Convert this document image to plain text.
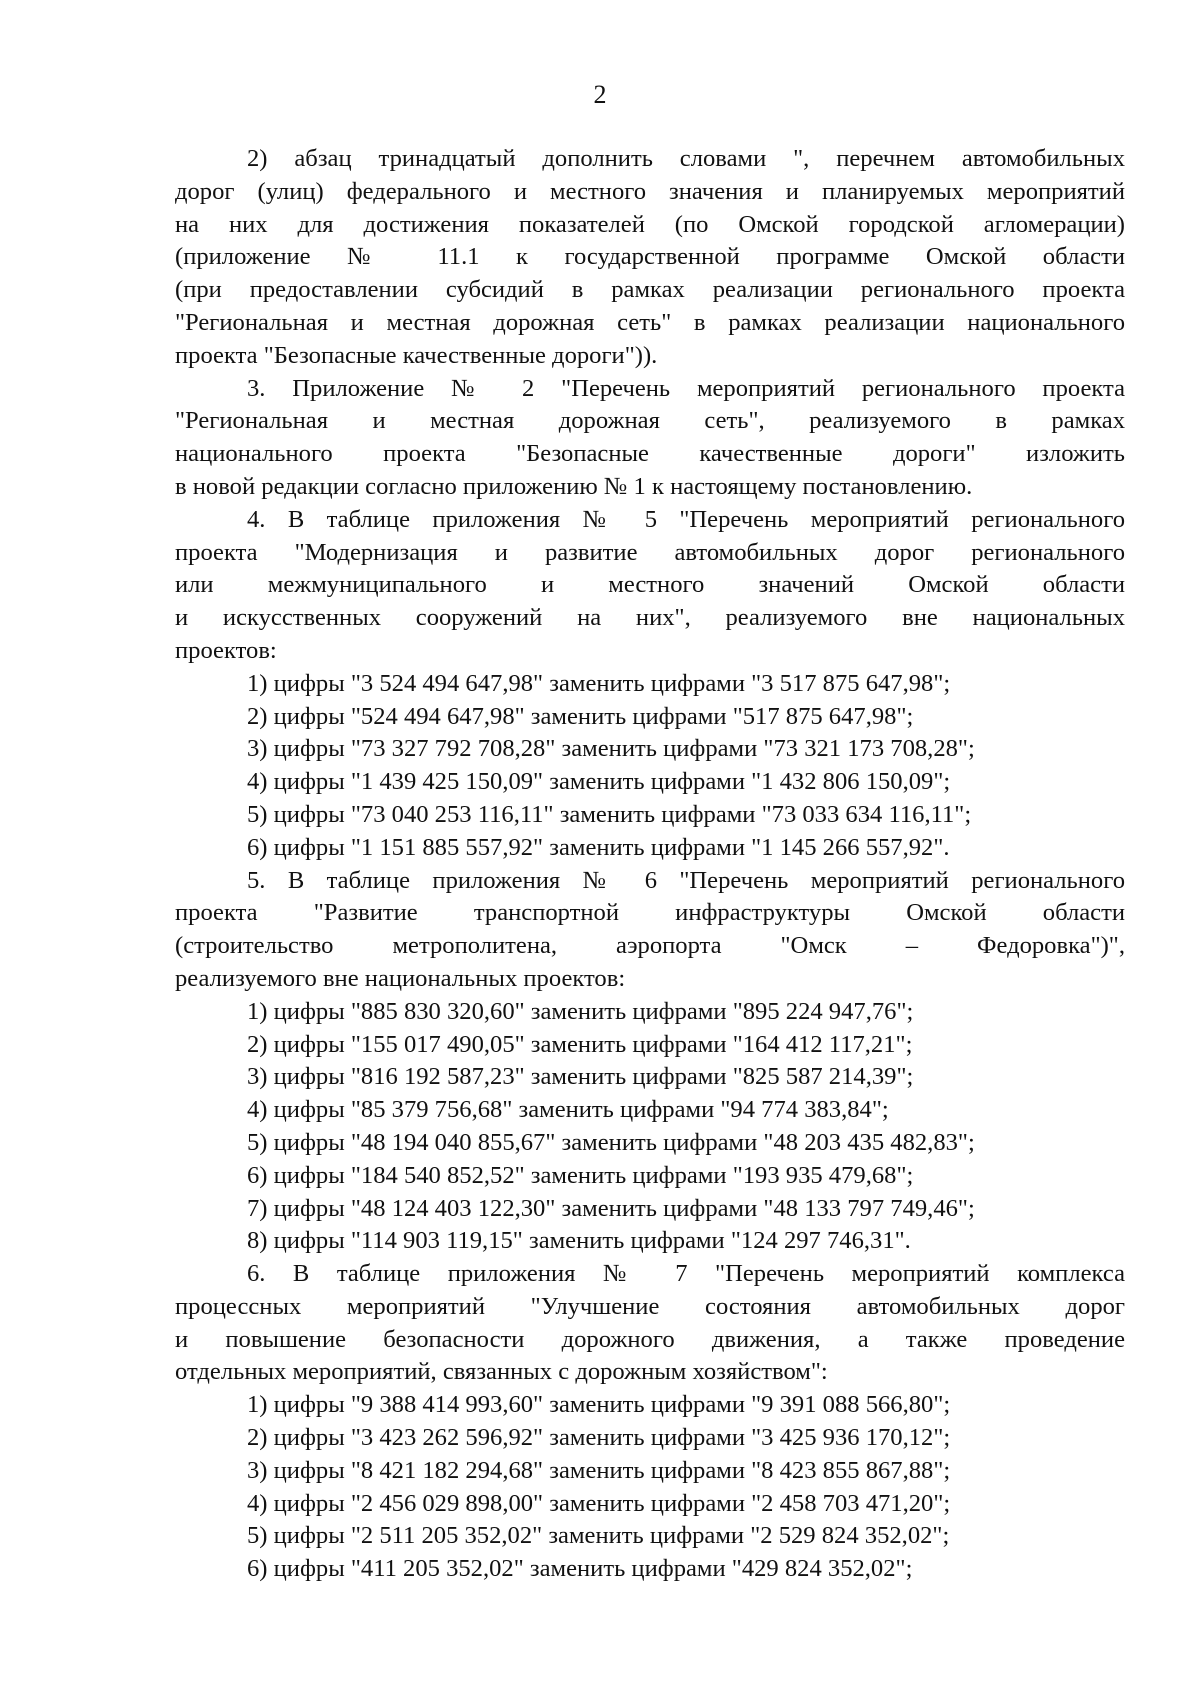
2
2) абзац тринадцатый дополнить словами ", перечнем автомобильных
дорог (улиц) федерального и местного значения и планируемых мероприятий
на них для достижения показателей (по Омской городской агломерации)
(приложение № 11.1 к государственной программе Омской области
(при предоставлении субсидий в рамках реализации регионального проекта
"Региональная и местная дорожная сеть" в рамках реализации национального
проекта "Безопасные качественные дороги")).
3. Приложение № 2 "Перечень мероприятий регионального проекта
"Региональная и местная дорожная сеть", реализуемого в рамках
национального проекта "Безопасные качественные дороги" изложить
в новой редакции согласно приложению № 1 к настоящему постановлению.
4. В таблице приложения № 5 "Перечень мероприятий регионального
проекта "Модернизация и развитие автомобильных дорог регионального
или межмуниципального и местного значений Омской области
и искусственных сооружений на них", реализуемого вне национальных
проектов:
1) цифры "3 524 494 647,98" заменить цифрами "3 517 875 647,98";
2) цифры "524 494 647,98" заменить цифрами "517 875 647,98";
3) цифры "73 327 792 708,28" заменить цифрами "73 321 173 708,28";
4) цифры "1 439 425 150,09" заменить цифрами "1 432 806 150,09";
5) цифры "73 040 253 116,11" заменить цифрами "73 033 634 116,11";
6) цифры "1 151 885 557,92" заменить цифрами "1 145 266 557,92".
5. В таблице приложения № 6 "Перечень мероприятий регионального
проекта "Развитие транспортной инфраструктуры Омской области
(строительство метрополитена, аэропорта "Омск – Федоровка")",
реализуемого вне национальных проектов:
1) цифры "885 830 320,60" заменить цифрами "895 224 947,76";
2) цифры "155 017 490,05" заменить цифрами "164 412 117,21";
3) цифры "816 192 587,23" заменить цифрами "825 587 214,39";
4) цифры "85 379 756,68" заменить цифрами "94 774 383,84";
5) цифры "48 194 040 855,67" заменить цифрами "48 203 435 482,83";
6) цифры "184 540 852,52" заменить цифрами "193 935 479,68";
7) цифры "48 124 403 122,30" заменить цифрами "48 133 797 749,46";
8) цифры "114 903 119,15" заменить цифрами "124 297 746,31".
6. В таблице приложения № 7 "Перечень мероприятий комплекса
процессных мероприятий "Улучшение состояния автомобильных дорог
и повышение безопасности дорожного движения, а также проведение
отдельных мероприятий, связанных с дорожным хозяйством":
1) цифры "9 388 414 993,60" заменить цифрами "9 391 088 566,80";
2) цифры "3 423 262 596,92" заменить цифрами "3 425 936 170,12";
3) цифры "8 421 182 294,68" заменить цифрами "8 423 855 867,88";
4) цифры "2 456 029 898,00" заменить цифрами "2 458 703 471,20";
5) цифры "2 511 205 352,02" заменить цифрами "2 529 824 352,02";
6) цифры "411 205 352,02" заменить цифрами "429 824 352,02";
